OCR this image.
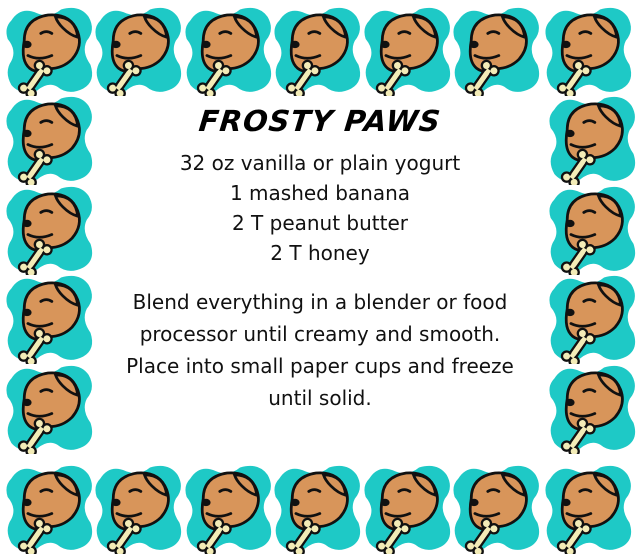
FROSTY PAWS
32 oz vanilla or plain yogurt
1 mashed banana
2 T peanut butter
2 T honey

Blend everything in a blender or food processor until creamy and smooth. Place into small paper cups and freeze until solid.
